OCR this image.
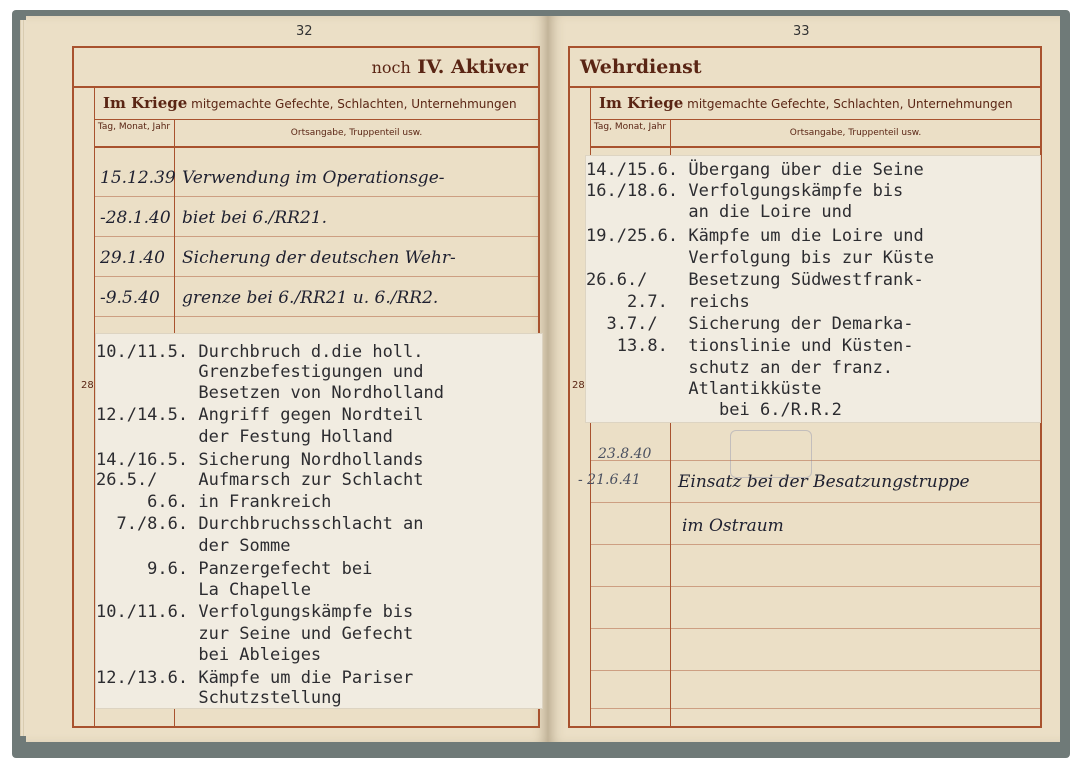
32
noch IV. Aktiver
Im Kriege mitgemachte Gefechte, Schlachten, Unternehmungen
Tag, Monat, Jahr
Ortsangabe, Truppenteil usw.
15.12.39
-28.1.40
29.1.40
-9.5.40
Verwendung im Operationsge-
biet bei 6./RR21.
Sicherung der deutschen Wehr-
grenze bei 6./RR21 u. 6./RR2.
28
10./11.5. Durchbruch d.die holl.
Grenzbefestigungen und
Besetzen von Nordholland
12./14.5. Angriff gegen Nordteil
der Festung Holland
14./16.5. Sicherung Nordhollands
26.5./    Aufmarsch zur Schlacht
6.6. in Frankreich
7./8.6. Durchbruchsschlacht an
der Somme
9.6. Panzergefecht bei
La Chapelle
10./11.6. Verfolgungskämpfe bis
zur Seine und Gefecht
bei Ableiges
12./13.6. Kämpfe um die Pariser
Schutzstellung
33
Wehrdienst
Im Kriege mitgemachte Gefechte, Schlachten, Unternehmungen
Tag, Monat, Jahr
Ortsangabe, Truppenteil usw.
23.8.40
- 21.6.41 Einsatz bei der Besatzungstruppe
im Ostraum
28
14./15.6. Übergang über die Seine
16./18.6. Verfolgungskämpfe bis
an die Loire und
19./25.6. Kämpfe um die Loire und
Verfolgung bis zur Küste
26.6./    Besetzung Südwestfrank-
2.7.  reichs
3.7./   Sicherung der Demarka-
13.8.  tionslinie und Küsten-
schutz an der franz.
Atlantikküste
bei 6./R.R.2
